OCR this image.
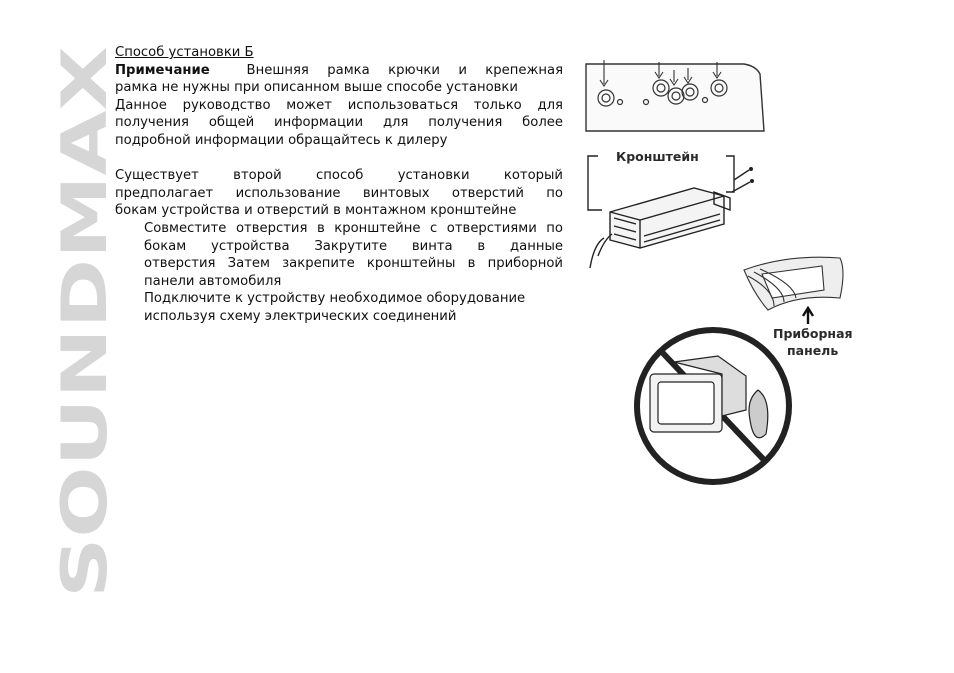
SOUNDMAX

Способ установки Б

Примечание	Внешняя рамка крючки и крепежная

рамка не нужны при описанном выше способе установки

Данное руководство может использоваться только для

получения общей информации для получения более

подробной информации обращайтесь к дилеру

Существует второй способ установки который

предполагает использование винтовых отверстий по

бокам устройства и отверстий в монтажном кронштейне

Совместите отверстия в кронштейне с отверстиями по

бокам устройства Закрутите винта в данные

отверстия Затем закрепите кронштейны в приборной

панели автомобиля

Подключите к устройству необходимое оборудование

используя схему электрических соединений

Кронштейн
Приборная
панель
